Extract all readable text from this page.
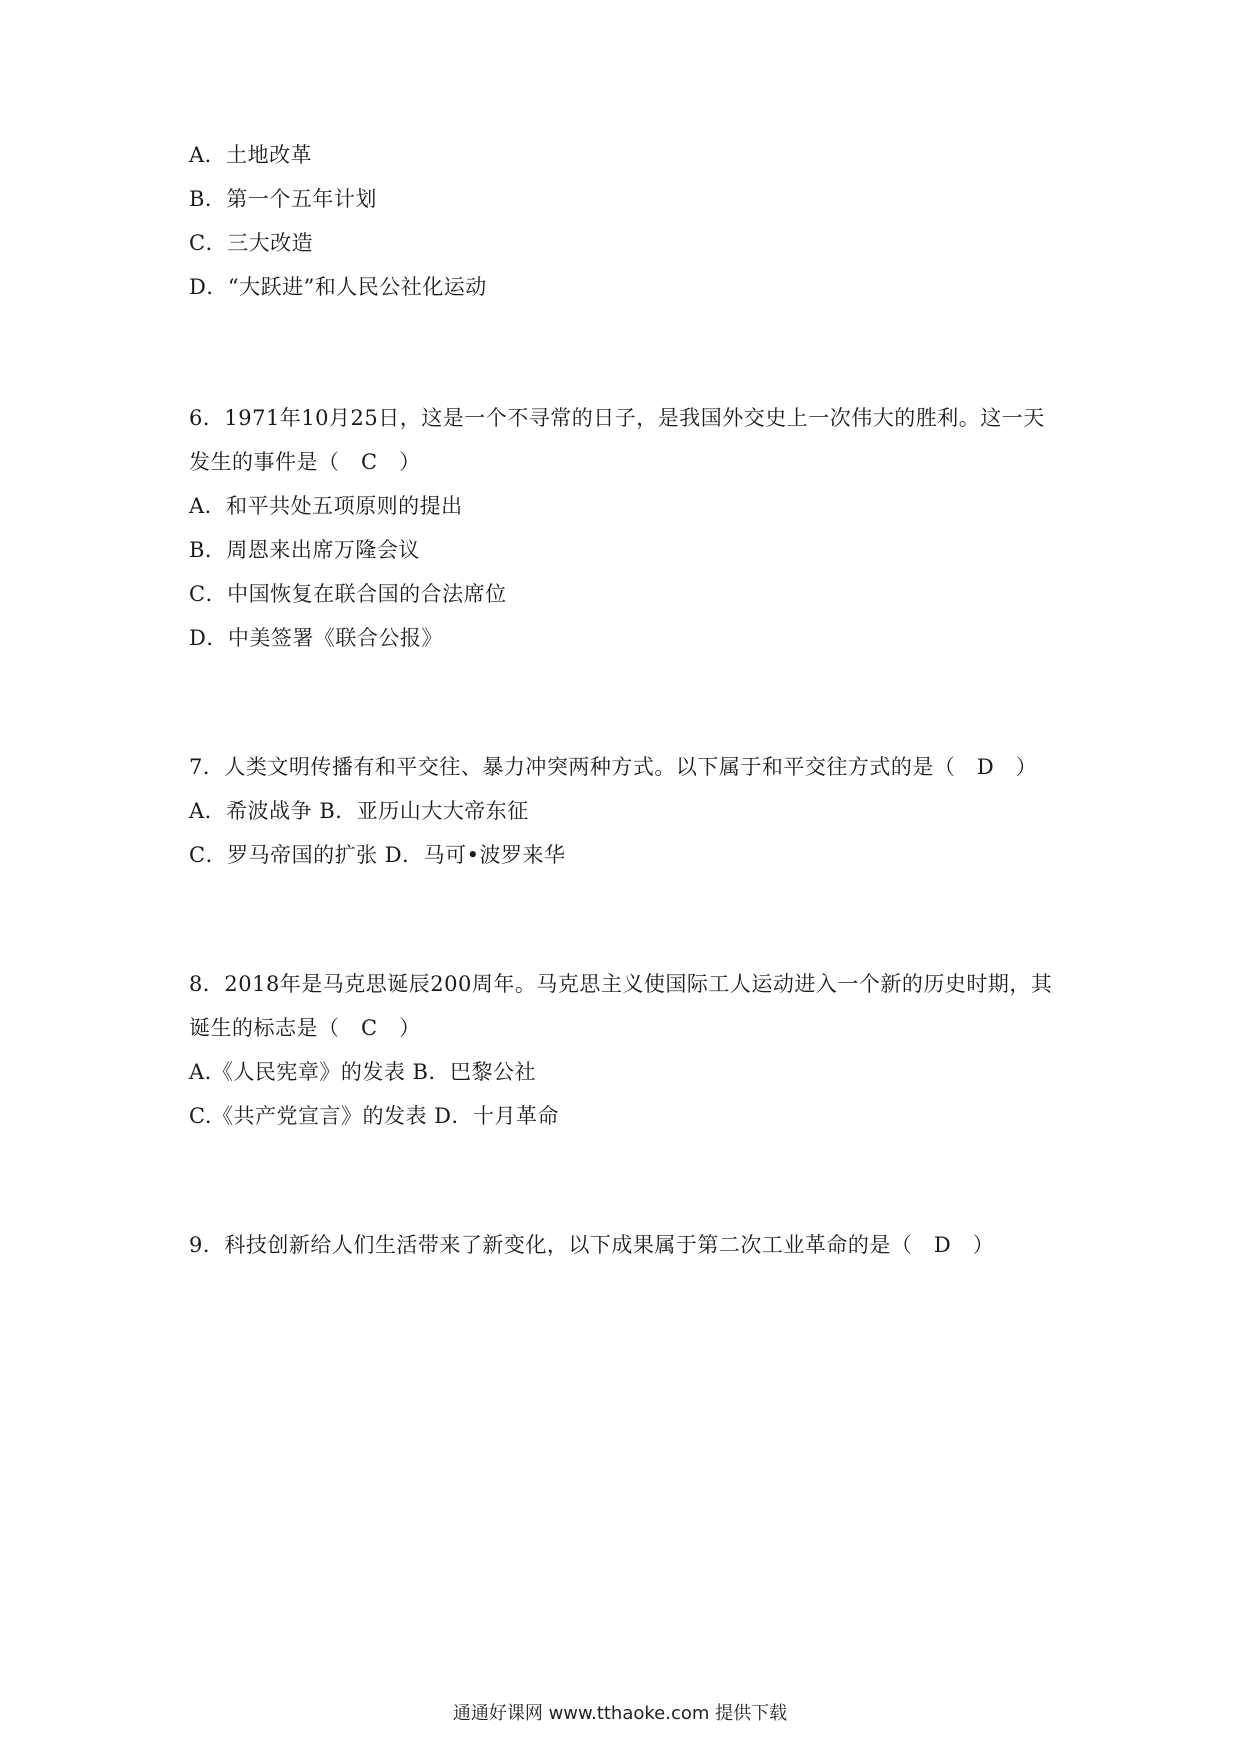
A．土地改革
B．第一个五年计划
C．三大改造
D．“大跃进”和人民公社化运动
6．1971年10月25日，这是一个不寻常的日子，是我国外交史上一次伟大的胜利。这一天
发生的事件是（　C　）
A．和平共处五项原则的提出
B．周恩来出席万隆会议
C．中国恢复在联合国的合法席位
D．中美签署《联合公报》
7．人类文明传播有和平交往、暴力冲突两种方式。以下属于和平交往方式的是（　D　）
A．希波战争 B．亚历山大大帝东征
C．罗马帝国的扩张 D．马可•波罗来华
8．2018年是马克思诞辰200周年。马克思主义使国际工人运动进入一个新的历史时期，其
诞生的标志是（　C　）
A.《人民宪章》的发表 B．巴黎公社
C.《共产党宣言》的发表 D．十月革命
9．科技创新给人们生活带来了新变化，以下成果属于第二次工业革命的是（　D　）
通通好课网 www.tthaoke.com 提供下载
